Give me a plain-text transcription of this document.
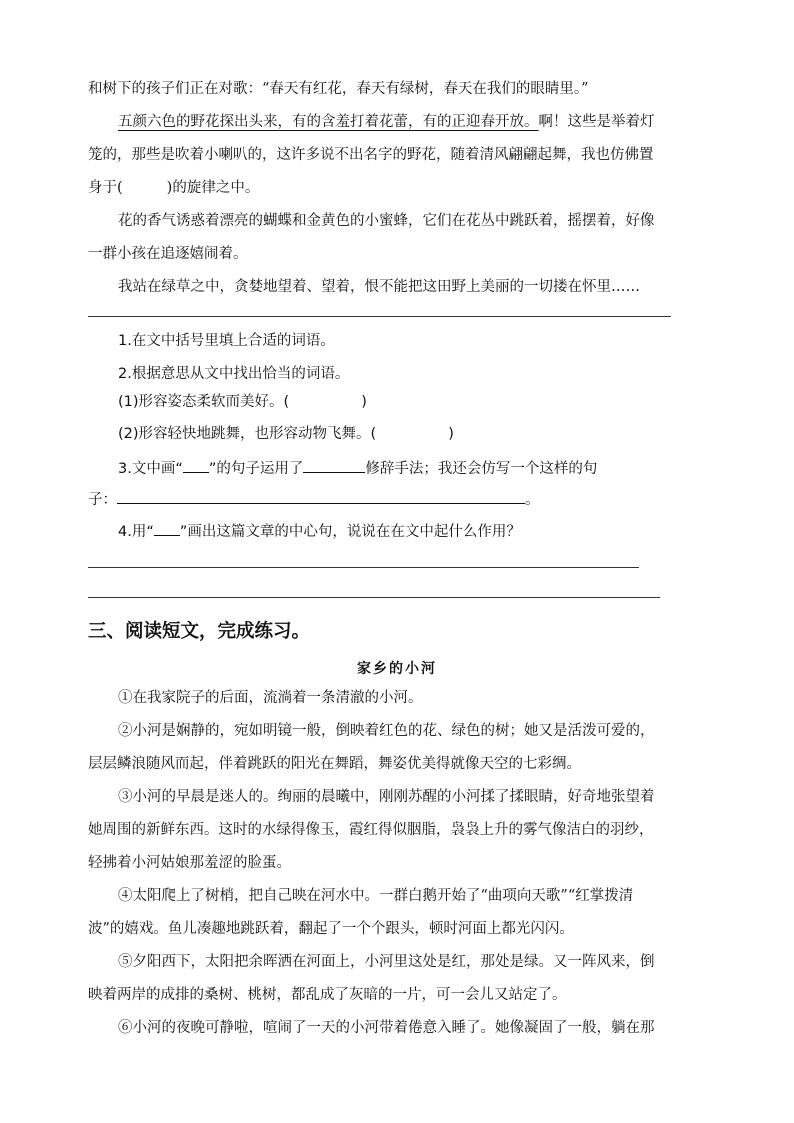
和树下的孩子们正在对歌：“春天有红花，春天有绿树，春天在我们的眼睛里。”
五颜六色的野花探出头来，有的含羞打着花蕾，有的正迎春开放。啊！这些是举着灯
笼的，那些是吹着小喇叭的，这许多说不出名字的野花，随着清风翩翩起舞，我也仿佛置
身于(	)的旋律之中。
花的香气诱惑着漂亮的蝴蝶和金黄色的小蜜蜂，它们在花丛中跳跃着，摇摆着，好像
一群小孩在追逐嬉闹着。
我站在绿草之中，贪婪地望着、望着，恨不能把这田野上美丽的一切搂在怀里……
1.在文中括号里填上合适的词语。
2.根据意思从文中找出恰当的词语。
(1)形容姿态柔软而美好。(	)
(2)形容轻快地跳舞，也形容动物飞舞。(	)
3.文中画“ ”的句子运用了	修辞手法；我还会仿写一个这样的句
子：	。
4.用“ ”画出这篇文章的中心句，说说在在文中起什么作用？
三、阅读短文，完成练习。
家乡的小河
①在我家院子的后面，流淌着一条清澈的小河。
②小河是娴静的，宛如明镜一般，倒映着红色的花、绿色的树；她又是活泼可爱的，
层层鳞浪随风而起，伴着跳跃的阳光在舞蹈，舞姿优美得就像天空的七彩绸。
③小河的早晨是迷人的。绚丽的晨曦中，刚刚苏醒的小河揉了揉眼睛，好奇地张望着
她周围的新鲜东西。这时的水绿得像玉，霞红得似胭脂，袅袅上升的雾气像洁白的羽纱，
轻拂着小河姑娘那羞涩的脸蛋。
④太阳爬上了树梢，把自己映在河水中。一群白鹅开始了“曲项向天歌”“红掌拨清
波”的嬉戏。鱼儿凑趣地跳跃着，翻起了一个个跟头，顿时河面上都光闪闪。
⑤夕阳西下，太阳把余晖洒在河面上，小河里这处是红，那处是绿。又一阵风来，倒
映着两岸的成排的桑树、桃树，都乱成了灰暗的一片，可一会儿又站定了。
⑥小河的夜晚可静啦，喧闹了一天的小河带着倦意入睡了。她像凝固了一般，躺在那
